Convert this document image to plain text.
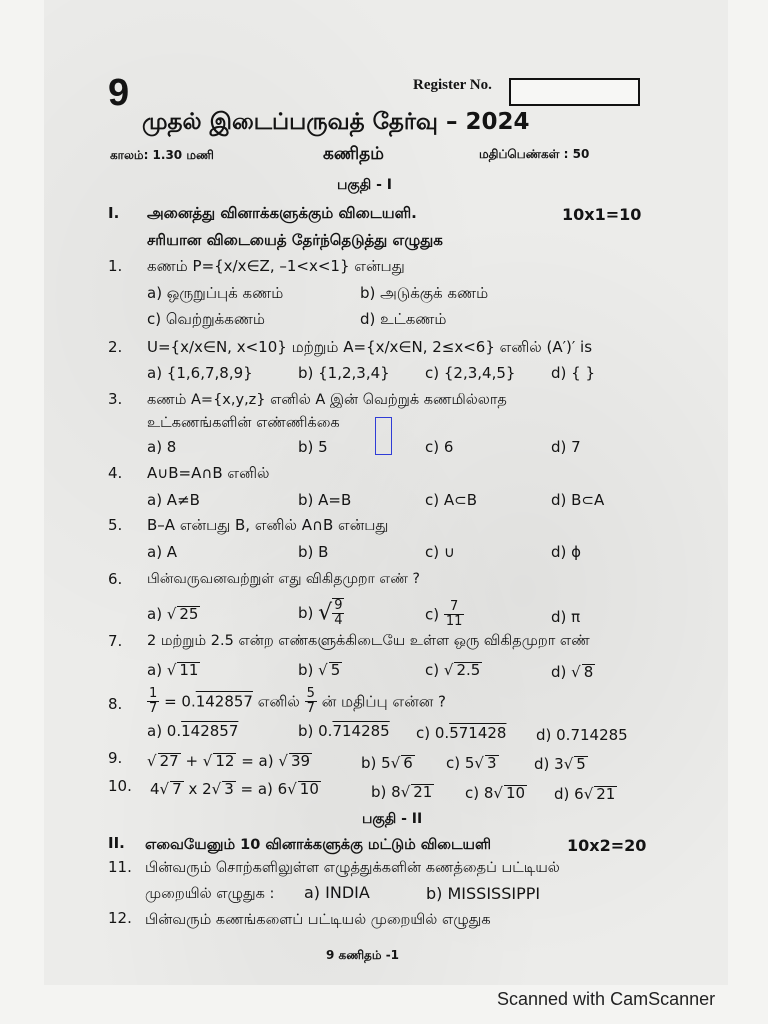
9	Register No.
முதல் இடைப்பருவத் தேர்வு – 2024
காலம்: 1.30 மணி	கணிதம்	மதிப்பெண்கள் : 50
பகுதி - I
I. அனைத்து வினாக்களுக்கும் விடையளி.	10x1=10
சரியான விடையைத் தேர்ந்தெடுத்து எழுதுக
1. கணம் P={x/x∈Z, –1<x<1} என்பது
a) ஒருறுப்புக் கணம்	b) அடுக்குக் கணம்
c) வெற்றுக்கணம்	d) உட்கணம்
2. U={x/x∈N, x<10} மற்றும் A={x/x∈N, 2≤x<6} எனில் (A′)′ is
a) {1,6,7,8,9}	b) {1,2,3,4} c) {2,3,4,5} d) { }
3. கணம் A={x,y,z} எனில் A இன் வெற்றுக் கணமில்லாத
உட்கணங்களின் எண்ணிக்கை
a) 8	b) 5	c) 6	d) 7
4. A∪B=A∩B எனில்
a) A≠B	b) A=B	c) A⊂B	d) B⊂A
5. B–A என்பது B, எனில் A∩B என்பது
a) A	b) B	c) ∪	d) ϕ
6. பின்வருவனவற்றுள் எது விகிதமுறா எண் ?
a) √ 25	b) √ $\frac{9}{4}$	$c) \frac{7}{11}$	d) π
7. 2 மற்றும் 2.5 என்ற எண்களுக்கிடையே உள்ள ஒரு விகிதமுறா எண்
a) √ 11	b) √ 5	c) √ 2.5	d) √ 8
8. $\frac{1}{7} = 0.142857$ எனில் $\frac{5}{7}$ ன் மதிப்பு என்ன ?
a) 0.142857	b) 0.714285 c) 0.571428 d) 0.714285
9. √ 27 + √ 12 = a) √ 39	b) 5√ 6 c) 5√ 3 d) 3√ 5
10. 4√ 7 x 2√ 3 = a) 6√ 10	b) 8√ 21 c) 8√ 10 d) 6√ 21
பகுதி - II
II. எவையேனும் 10 வினாக்களுக்கு மட்டும் விடையளி	10x2=20
11. பின்வரும் சொற்களிலுள்ள எழுத்துக்களின் கணத்தைப் பட்டியல்
முறையில் எழுதுக : a) INDIA	b) MISSISSIPPI
12. பின்வரும் கணங்களைப் பட்டியல் முறையில் எழுதுக
9 கணிதம் -1
Scanned with CamScanner
